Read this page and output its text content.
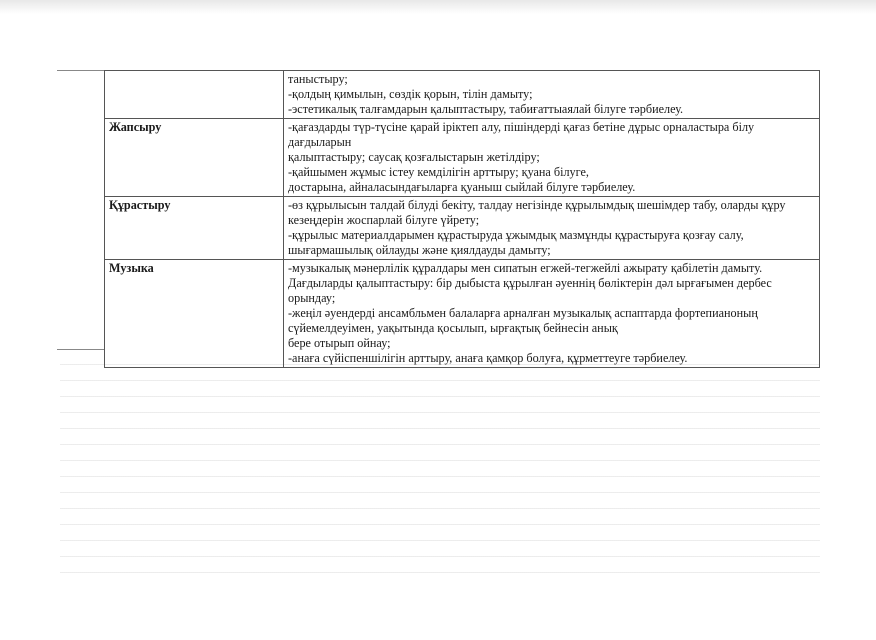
	таныстыру;
-қолдың қимылын, сөздік қорын, тілін дамыту;
-эстетикалық талғамдарын қалыптастыру, табиғаттыаялай білуге тәрбиелеу.

Жапсыру	-қағаздарды түр-түсіне қарай іріктеп алу, пішіндерді қағаз бетіне дұрыс орналастыра білу дағдыларын
қалыптастыру; саусақ қозғалыстарын жетілдіру;
-қайшымен жұмыс істеу кемділігін арттыру; қуана білуге,
достарына, айналасындағыларға қуаныш сыйлай білуге тәрбиелеу.

Құрастыру	-өз құрылысын талдай білуді бекіту, талдау негізінде құрылымдық шешімдер табу, оларды құру кезеңдерін жоспарлай білуге үйрету;
-құрылыс материалдарымен құрастыруда ұжымдық мазмұнды құрастыруға қозғау салу, шығармашылық ойлауды және қиялдауды дамыту;

Музыка	-музыкалық мәнерлілік құралдары мен сипатын егжей-тегжейлі ажырату қабілетін дамыту.
Дағдыларды қалыптастыру: бір дыбыста құрылған әуеннің бөліктерін дәл ырғағымен дербес орындау;
-жеңіл әуендерді ансамбльмен балаларға арналған музыкалық аспаптарда фортепианоның сүйемелдеуімен, уақытында қосылып, ырғақтық бейнесін анық
бере отырып ойнау;
-анаға сүйіспеншілігін арттыру, анаға қамқор болуға, құрметтеуге тәрбиелеу.
